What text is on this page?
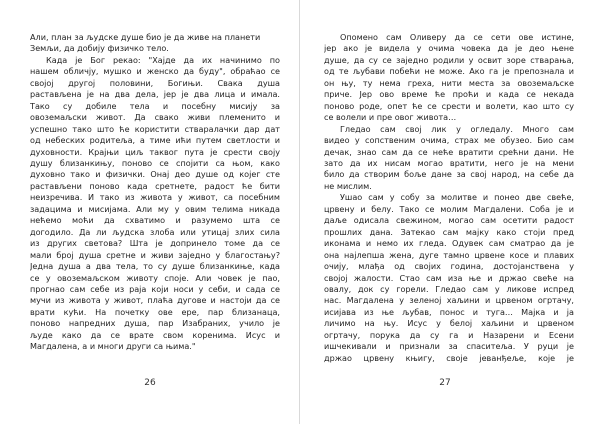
Али, план за људске душе био је да живе на планети
Земљи, да добију физичко тело.
Када је Бог рекао: "Хајде да их начинимо по
нашем обличју, мушко и женско да буду", обраћао се
својој другој половини, Богињи. Свака душа
растављена је на два дела, јер је два лица и имала.
Тако су добиле тела и посебну мисију за
овоземаљски живот. Да свако живи племенито и
успешно тако што ће користити стваралачки дар дат
од небеских родитеља, а тиме ићи путем светлости и
духовности. Крајњи циљ таквог пута је срести своју
душу близанкињу, поново се спојити са њом, како
духовно тако и физички. Онај део душе од којег сте
растављени поново када сретнете, радост ће бити
неизречива. И тако из живота у живот, са посебним
задацима и мисијама. Али му у овим телима никада
нећемо моћи да схватимо и разумемо шта се
догодило. Да ли људска злоба или утицај злих сила
из других светова? Шта је допринело томе да се
мали број душа сретне и живи заједно у благостању?
Једна душа а два тела, то су душе близанкиње, када
се у овоземаљском животу споје. Али човек је пао,
прогнао сам себе из раја који носи у себи, и сада се
мучи из живота у живот, плаћа дугове и настоји да се
врати кући. На почетку ове ере, пар близанаца,
поново напредних душа, пар Изабраних, учило је
људе како да се врате свом коренима. Исус и
Магдалена, а и многи други са њима."
26
Опомено сам Оливеру да се сети ове истине,
јер ако је видела у очима човека да је део њене
душе, да су се заједно родили у освит зоре стварања,
од те љубави побећи не може. Ако га је препознала и
он њу, ту нема греха, нити места за овоземаљске
приче. Јер ово време ће проћи и када се некада
поново роде, опет ће се срести и волети, као што су
се волели и пре овог живота…
Гледао сам свој лик у огледалу. Много сам
видео у сопственим очима, страх ме обузео. Био сам
дечак, знао сам да се неће вратити срећни дани. Не
зато да их нисам могао вратити, него је на мени
било да створим боље дане за свој народ, на себе да
не мислим.
Ушао сам у собу за молитве и понео две свеће,
црвену и белу. Тако се молим Магдалени. Соба је и
даље одисала свежином, могао сам осетити радост
прошлих дана. Затекао сам мајку како стоји пред
иконама и немо их гледа. Одувек сам сматрао да је
она најлепша жена, дуге тамно црвене косе и плавих
очију, млађа од својих година, достојанствена у
својој жалости. Стао сам иза ње и држао свеће на
овалу, док су горели. Гледао сам у ликове испред
нас. Магдалена у зеленој хаљини и црвеном огртачу,
исијава из ње љубав, понос и туга… Мајка и ја
личимо на њу. Исус у белој хаљини и црвеном
огртачу, порука да су га и Назарени и Есени
ишчекивали и признали за спаситеља. У руци је
држао црвену књигу, своје јеванђеље, које је
27
